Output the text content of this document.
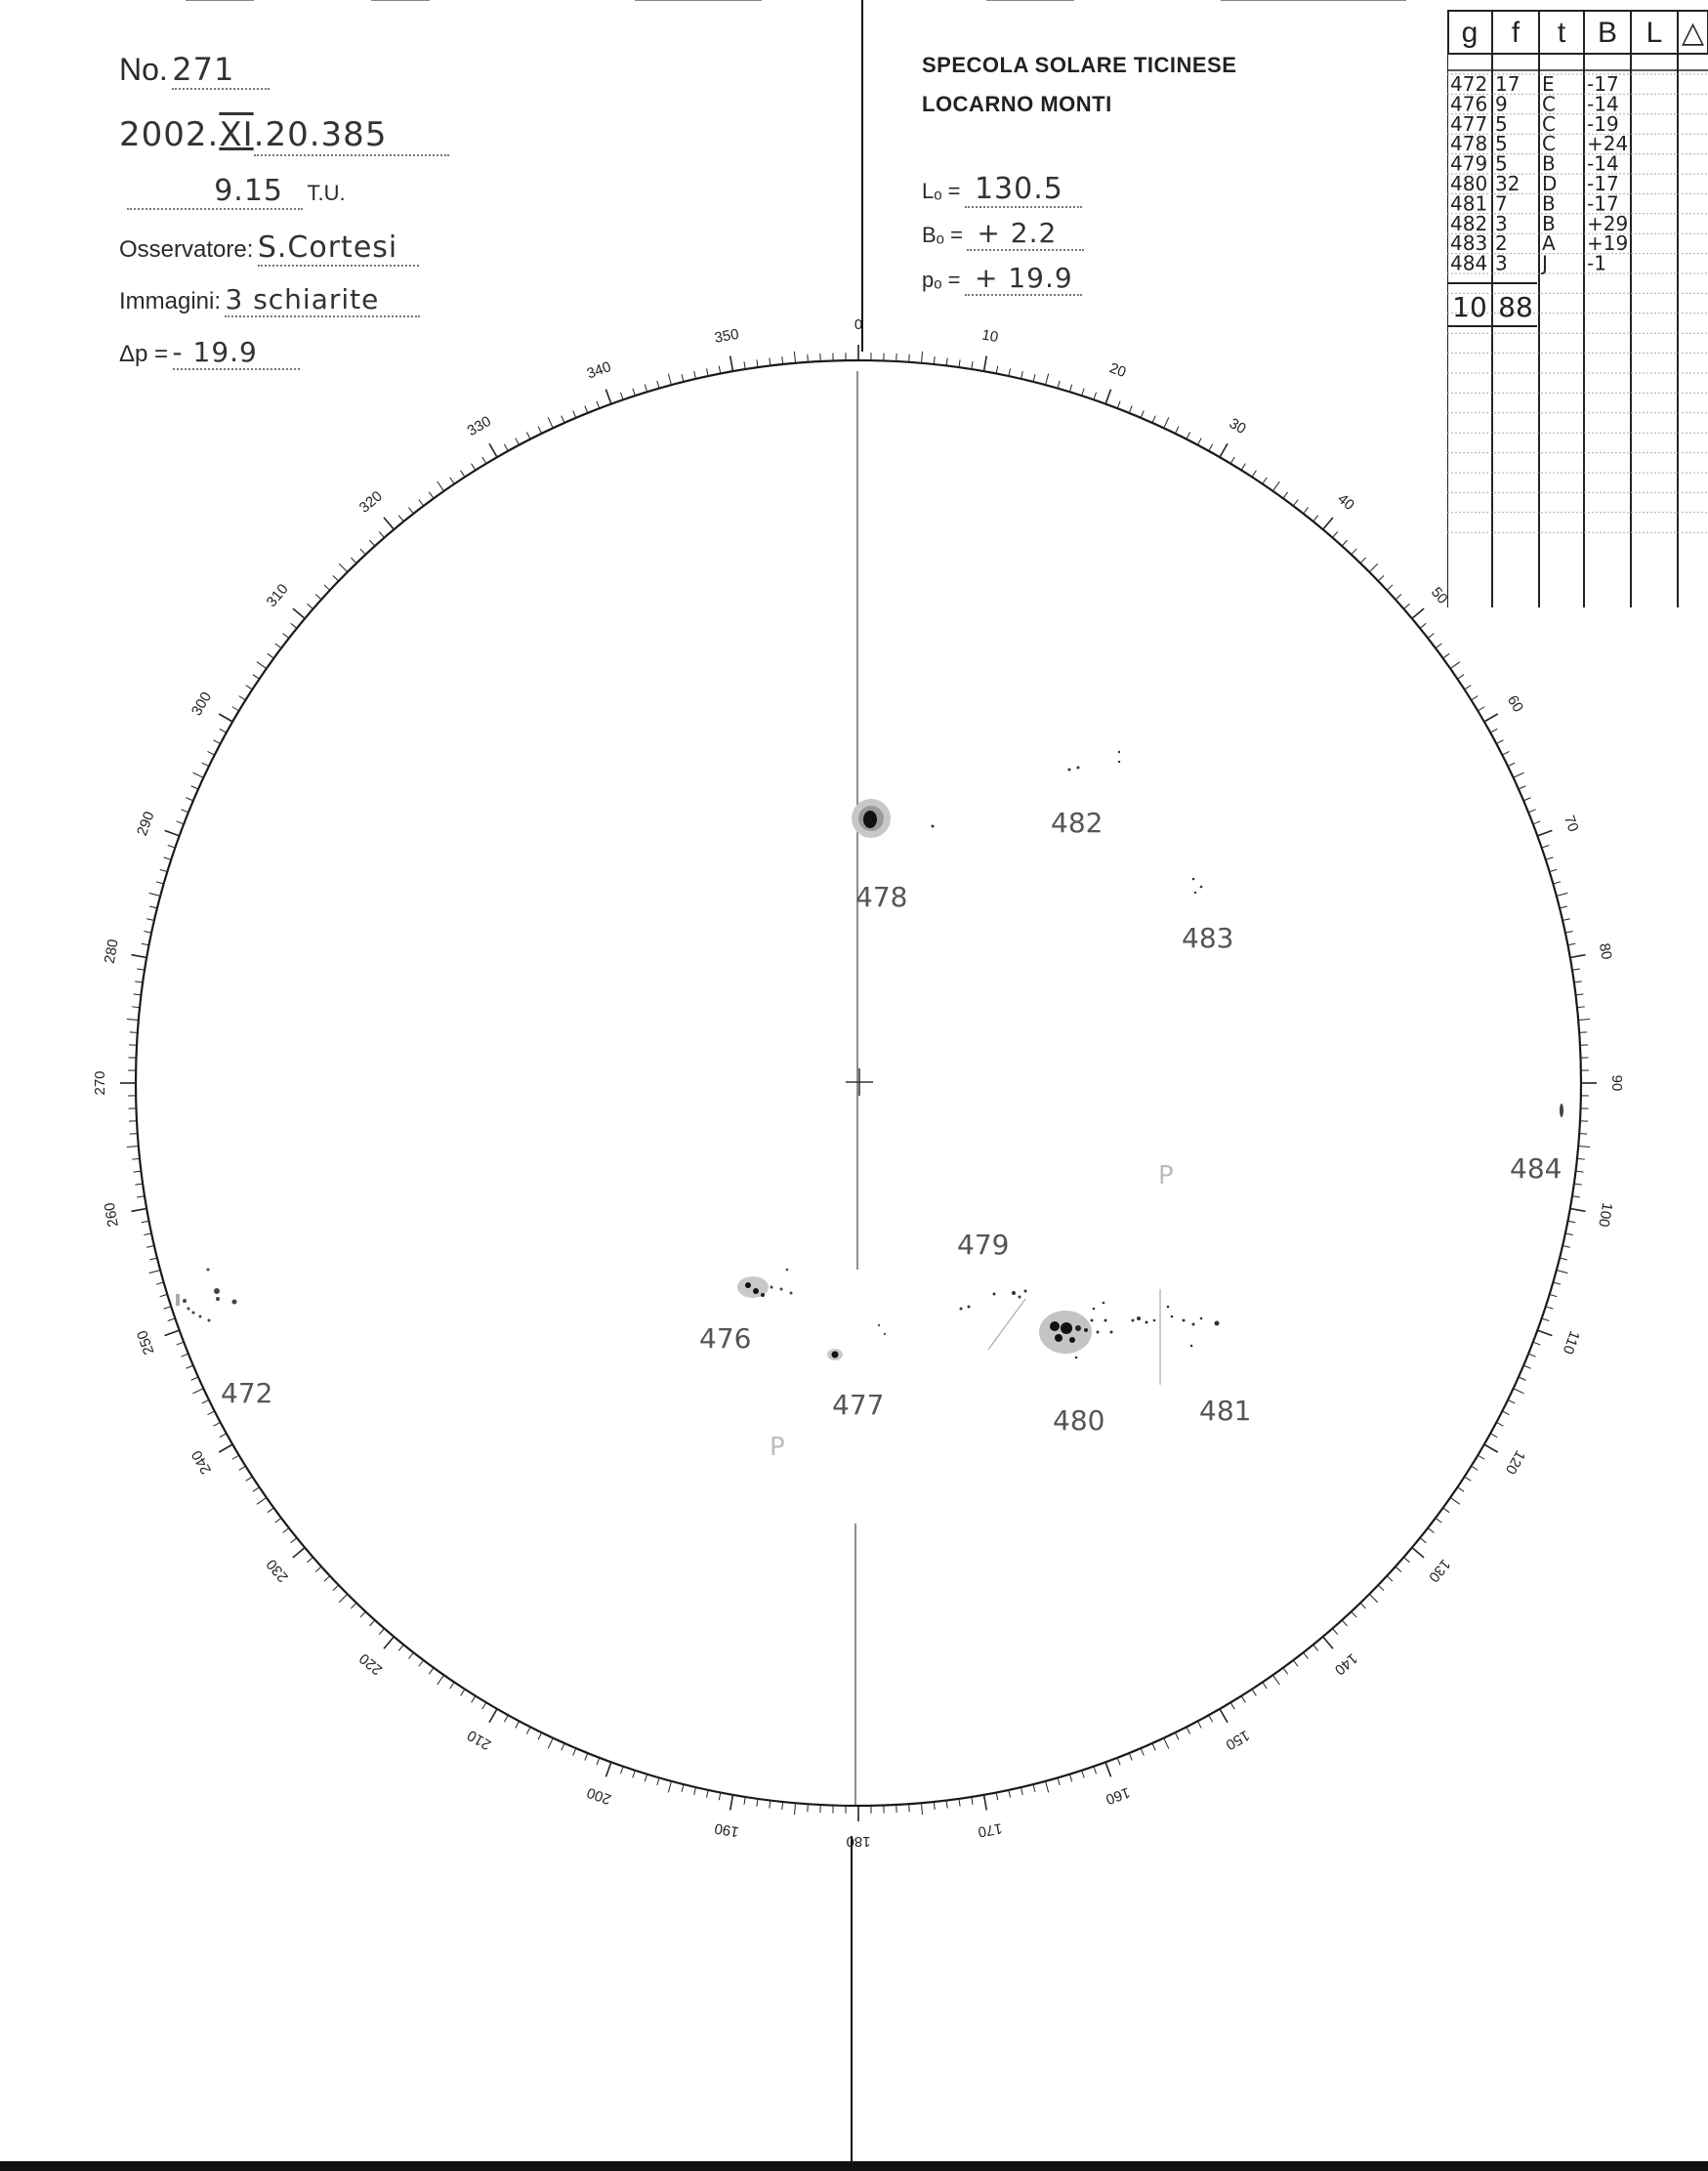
No. 271
2002.XI.20.385
9.15 T.U.
Osservatore: S.Cortesi
Immagini: 3 schiarite
Δp = - 19.9
SPECOLA SOLARE TICINESE
LOCARNO MONTI
Lₒ = 130.5
Bₒ = + 2.2
pₒ = + 19.9
0
10
20
30
40
50
60
70
80
90
100
110
120
130
140
150
160
170
180
190
200
210
220
230
240
250
260
270
280
290
300
310
320
330
340
350
478
482
483
484
479
476
477	480	481
472
P
P
g f t B L △
472 17 E -17
476 9 C -14
477 5 C -19
478 5 C +24
479 5 B -14
480 32 D -17
481 7 B -17
482 3 B +29
483 2 A +19
484 3 J -1
10 88
